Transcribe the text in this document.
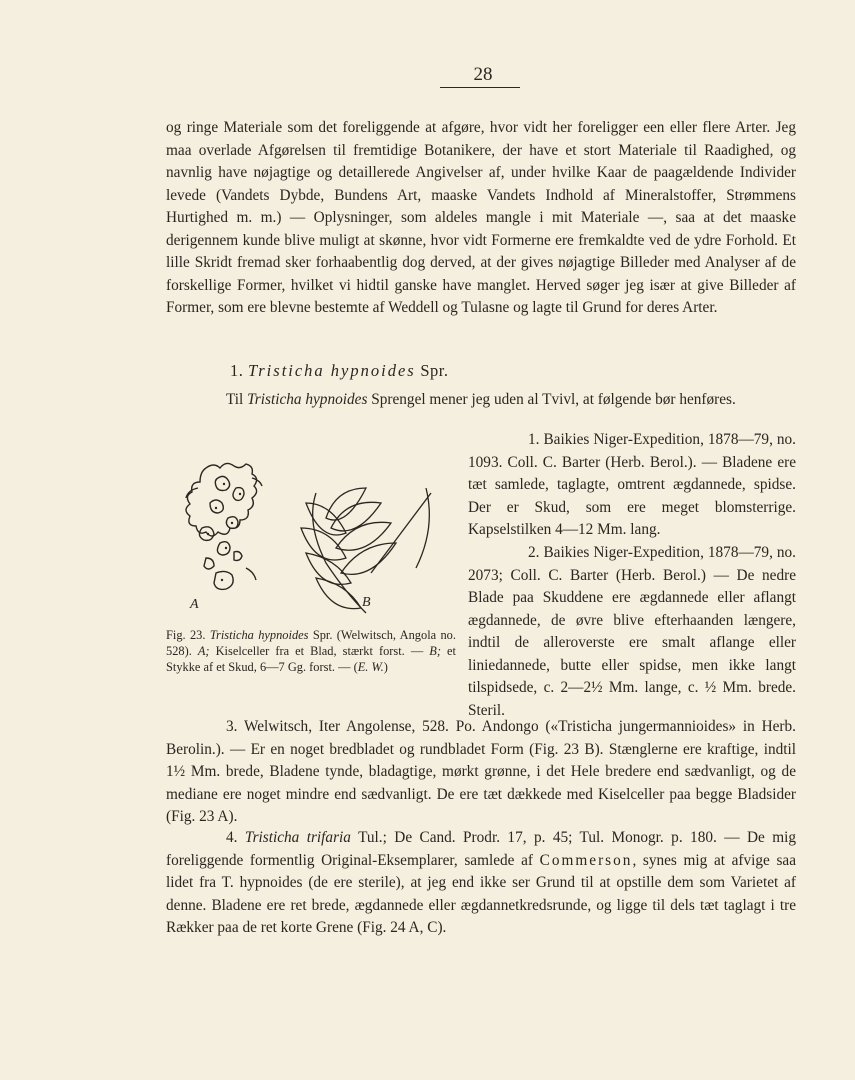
28

og ringe Materiale som det foreliggende at afgøre, hvor vidt her foreligger een eller flere Arter. Jeg maa overlade Afgørelsen til fremtidige Botanikere, der have et stort Materiale til Raadighed, og navnlig have nøjagtige og detaillerede Angivelser af, under hvilke Kaar de paagældende Individer levede (Vandets Dybde, Bundens Art, maaske Vandets Indhold af Mineralstoffer, Strømmens Hurtighed m. m.) — Oplysninger, som aldeles mangle i mit Materiale —, saa at det maaske derigennem kunde blive muligt at skønne, hvor vidt Formerne ere fremkaldte ved de ydre Forhold. Et lille Skridt fremad sker forhaabentlig dog derved, at der gives nøjagtige Billeder med Analyser af de forskellige Former, hvilket vi hidtil ganske have manglet. Herved søger jeg især at give Billeder af Former, som ere blevne bestemte af Weddell og Tulasne og lagte til Grund for deres Arter.

1. Tristicha hypnoides Spr.

Til Tristicha hypnoides Sprengel mener jeg uden al Tvivl, at følgende bør henføres.

A	B
Fig. 23. Tristicha hypnoides Spr. (Welwitsch, Angola no. 528). A; Kiselceller fra et Blad, stærkt forst. — B; et Stykke af et Skud, 6—7 Gg. forst. — (E. W.)

1. Baikies Niger-Expedition, 1878—79, no. 1093. Coll. C. Barter (Herb. Berol.). — Bladene ere tæt samlede, taglagte, omtrent ægdannede, spidse. Der er Skud, som ere meget blomsterrige. Kapselstilken 4—12 Mm. lang.

2. Baikies Niger-Expedition, 1878—79, no. 2073; Coll. C. Barter (Herb. Berol.) — De nedre Blade paa Skuddene ere ægdannede eller aflangt ægdannede, de øvre blive efterhaanden længere, indtil de alleroverste ere smalt aflange eller liniedannede, butte eller spidse, men ikke langt tilspidsede, c. 2—2½ Mm. lange, c. ½ Mm. brede. Steril.

3. Welwitsch, Iter Angolense, 528. Po. Andongo («Tristicha jungermannioides» in Herb. Berolin.). — Er en noget bredbladet og rundbladet Form (Fig. 23 B). Stænglerne ere kraftige, indtil 1½ Mm. brede, Bladene tynde, bladagtige, mørkt grønne, i det Hele bredere end sædvanligt, og de mediane ere noget mindre end sædvanligt. De ere tæt dækkede med Kiselceller paa begge Bladsider (Fig. 23 A).

4. Tristicha trifaria Tul.; De Cand. Prodr. 17, p. 45; Tul. Monogr. p. 180. — De mig foreliggende formentlig Original-Eksemplarer, samlede af Commerson, synes mig at afvige saa lidet fra T. hypnoides (de ere sterile), at jeg end ikke ser Grund til at opstille dem som Varietet af denne. Bladene ere ret brede, ægdannede eller ægdannetkredsrunde, og ligge til dels tæt taglagt i tre Rækker paa de ret korte Grene (Fig. 24 A, C).
